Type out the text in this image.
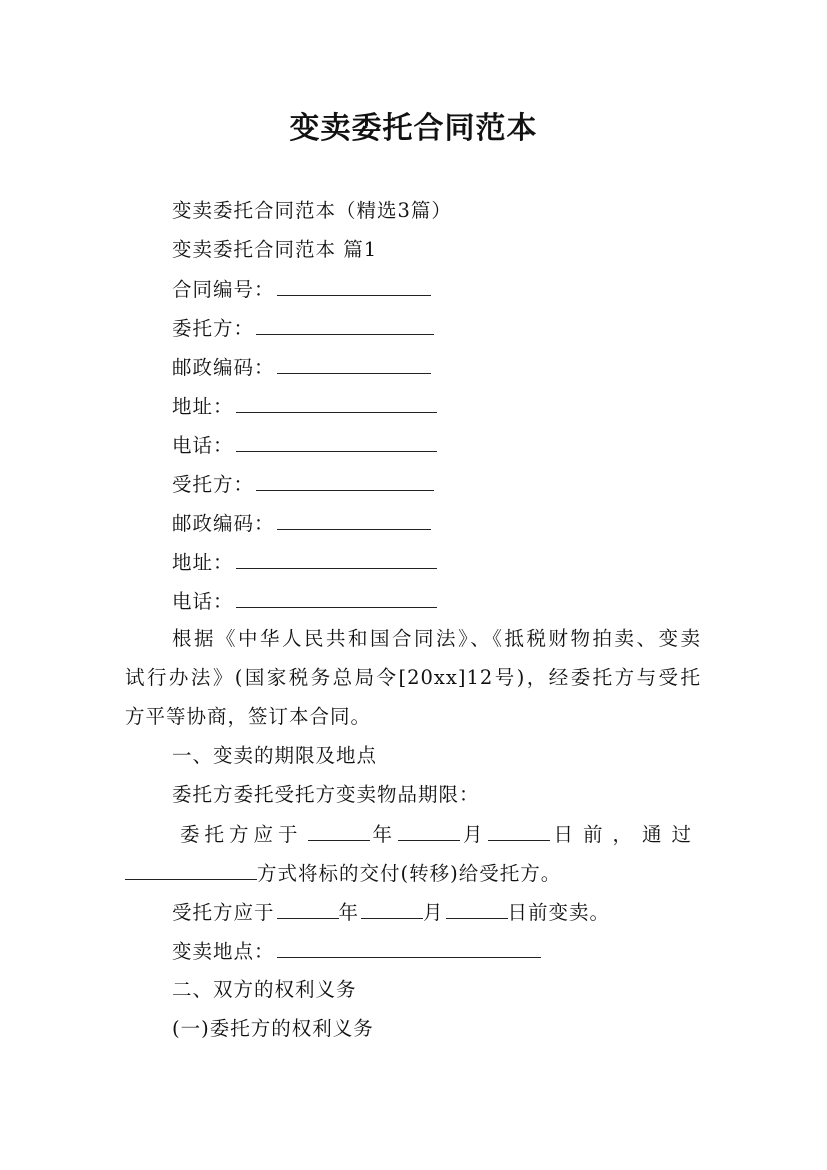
变卖委托合同范本
变卖委托合同范本（精选3篇）
变卖委托合同范本 篇1
合同编号：
委托方：
邮政编码：
地址：
电话：
受托方：
邮政编码：
地址：
电话：
根据《中华人民共和国合同法》、《抵税财物拍卖、变卖
试行办法》(国家税务总局令[20xx]12号)，经委托方与受托
方平等协商，签订本合同。
一、变卖的期限及地点
委托方委托受托方变卖物品期限：
委托方应于	年	月	日前，通过
方式将标的交付(转移)给受托方。
受托方应于	年	月	日前变卖。
变卖地点：
二、双方的权利义务
(一)委托方的权利义务
